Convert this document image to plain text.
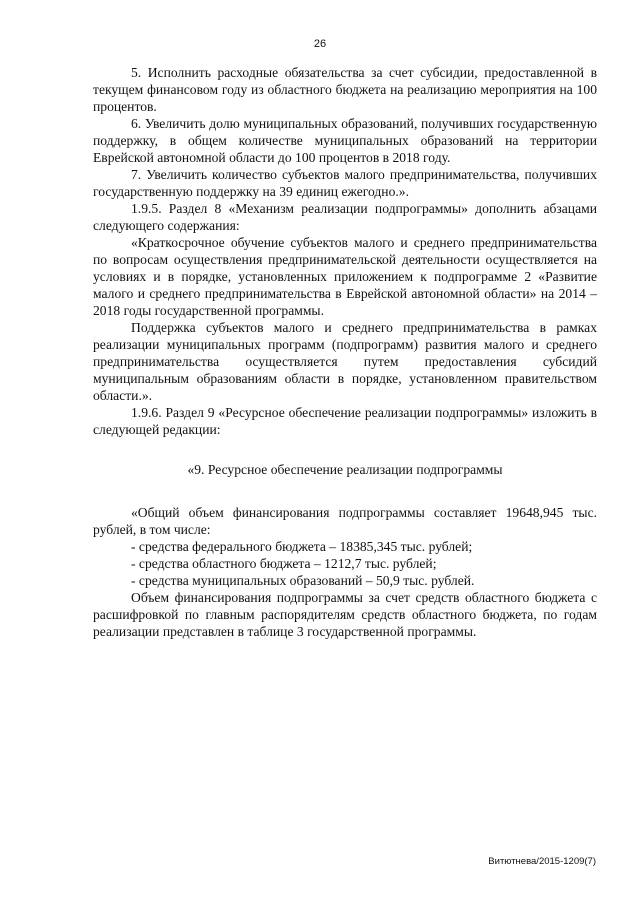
26

5. Исполнить расходные обязательства за счет субсидии, предоставленной в текущем финансовом году из областного бюджета на реализацию мероприятия на 100 процентов.

6. Увеличить долю муниципальных образований, получивших государственную поддержку, в общем количестве муниципальных образований на территории Еврейской автономной области до 100 процентов в 2018 году.

7. Увеличить количество субъектов малого предпринимательства, получивших государственную поддержку на 39 единиц ежегодно.».

1.9.5. Раздел 8 «Механизм реализации подпрограммы» дополнить абзацами следующего содержания:

«Краткосрочное обучение субъектов малого и среднего предпринимательства по вопросам осуществления предпринимательской деятельности осуществляется на условиях и в порядке, установленных приложением к подпрограмме 2 «Развитие малого и среднего предпринимательства в Еврейской автономной области» на 2014 – 2018 годы государственной программы.

Поддержка субъектов малого и среднего предпринимательства в рамках реализации муниципальных программ (подпрограмм) развития малого и среднего предпринимательства осуществляется путем предоставления субсидий муниципальным образованиям области в порядке, установленном правительством области.».

1.9.6. Раздел 9 «Ресурсное обеспечение реализации подпрограммы» изложить в следующей редакции:

«9. Ресурсное обеспечение реализации подпрограммы

«Общий объем финансирования подпрограммы составляет 19648,945 тыс. рублей, в том числе:

- средства федерального бюджета – 18385,345 тыс. рублей;

- средства областного бюджета – 1212,7 тыс. рублей;

- средства муниципальных образований – 50,9 тыс. рублей.

Объем финансирования подпрограммы за счет средств областного бюджета с расшифровкой по главным распорядителям средств областного бюджета, по годам реализации представлен в таблице 3 государственной программы.

Витютнева/2015-1209(7)
